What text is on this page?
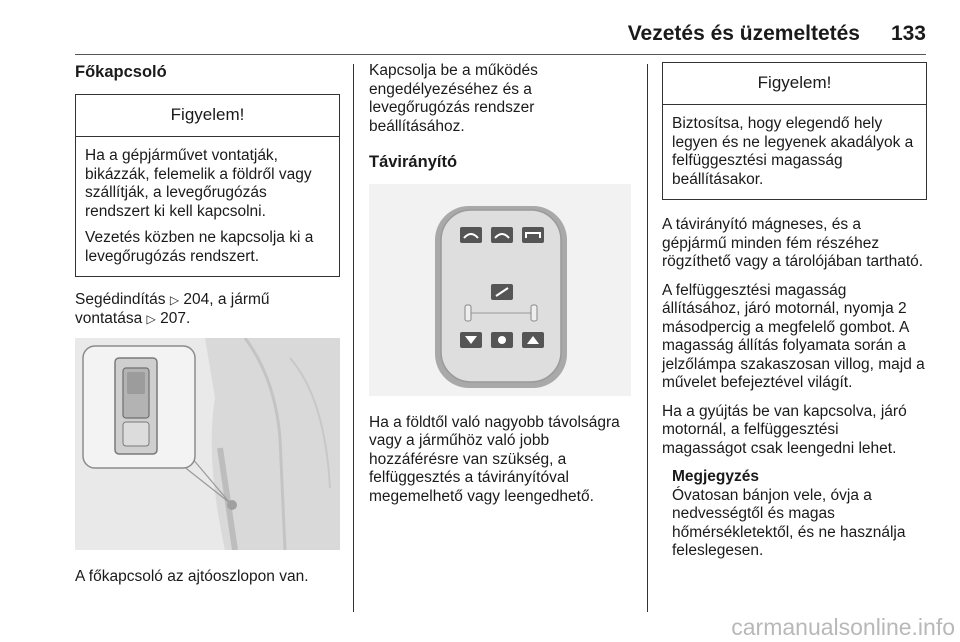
Vezetés és üzemeltetés	133
Főkapcsoló
Figyelem!

Ha a gépjárművet vontatják, bikázzák, felemelik a földről vagy szállítják, a levegőrugózás rendszert ki kell kapcsolni.

Vezetés közben ne kapcsolja ki a levegőrugózás rendszert.

Segédindítás ▷ 204, a jármű
vontatása ▷ 207.

A főkapcsoló az ajtóoszlopon van.

Kapcsolja be a működés engedélyezéséhez és a levegőrugózás rendszer beállításához.

Távirányító

Ha a földtől való nagyobb távolságra vagy a járműhöz való jobb hozzáférésre van szükség, a felfüggesztés a távirányítóval megemelhető vagy leengedhető.

Figyelem!

Biztosítsa, hogy elegendő hely legyen és ne legyenek akadályok a felfüggesztési magasság beállításakor.

A távirányító mágneses, és a gépjármű minden fém részéhez rögzíthető vagy a tárolójában tartható.

A felfüggesztési magasság állításához, járó motornál, nyomja 2 másodpercig a megfelelő gombot. A magasság állítás folyamata során a jelzőlámpa szakaszosan villog, majd a művelet befejeztével világít.

Ha a gyújtás be van kapcsolva, járó motornál, a felfüggesztési magasságot csak leengedni lehet.

Megjegyzés
Óvatosan bánjon vele, óvja a nedvességtől és magas hőmérsékletektől, és ne használja feleslegesen.
carmanualsonline.info
